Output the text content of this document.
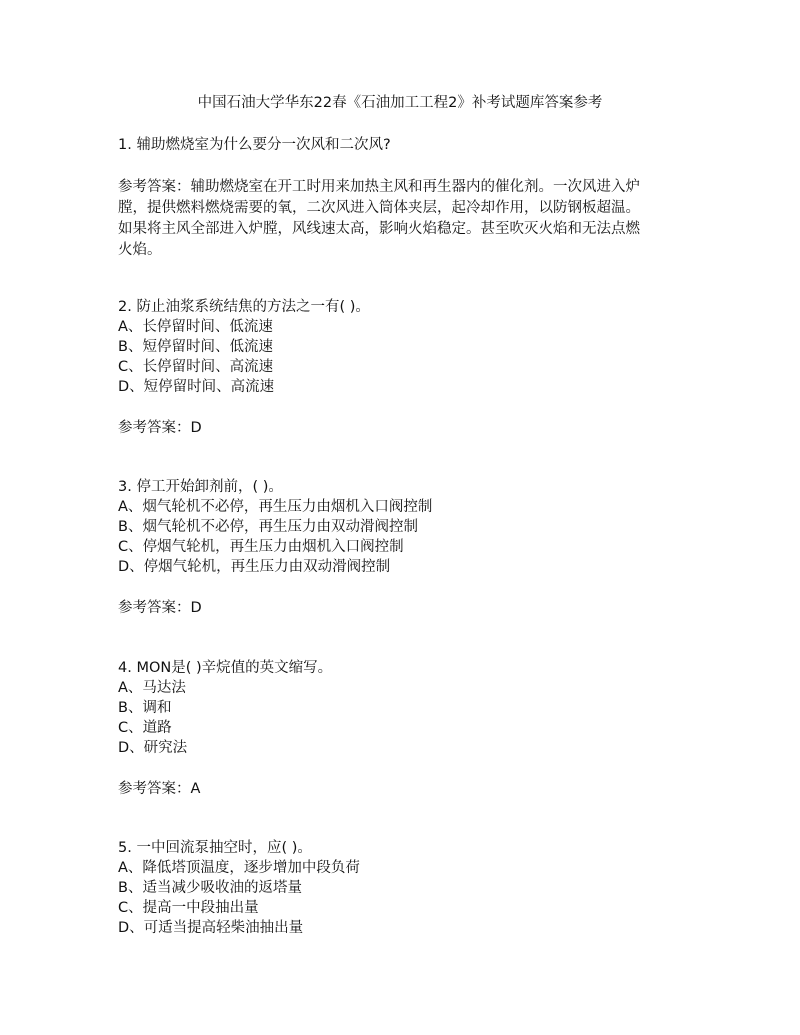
中国石油大学华东22春《石油加工工程2》补考试题库答案参考
1. 辅助燃烧室为什么要分一次风和二次风?
参考答案：辅助燃烧室在开工时用来加热主风和再生器内的催化剂。一次风进入炉
膛，提供燃料燃烧需要的氧，二次风进入筒体夹层，起冷却作用，以防钢板超温。
如果将主风全部进入炉膛，风线速太高，影响火焰稳定。甚至吹灭火焰和无法点燃
火焰。
2. 防止油浆系统结焦的方法之一有( )。
A、长停留时间、低流速
B、短停留时间、低流速
C、长停留时间、高流速
D、短停留时间、高流速
参考答案：D
3. 停工开始卸剂前，( )。
A、烟气轮机不必停，再生压力由烟机入口阀控制
B、烟气轮机不必停，再生压力由双动滑阀控制
C、停烟气轮机，再生压力由烟机入口阀控制
D、停烟气轮机，再生压力由双动滑阀控制
参考答案：D
4. MON是( )辛烷值的英文缩写。
A、马达法
B、调和
C、道路
D、研究法
参考答案：A
5. 一中回流泵抽空时，应( )。
A、降低塔顶温度，逐步增加中段负荷
B、适当减少吸收油的返塔量
C、提高一中段抽出量
D、可适当提高轻柴油抽出量
